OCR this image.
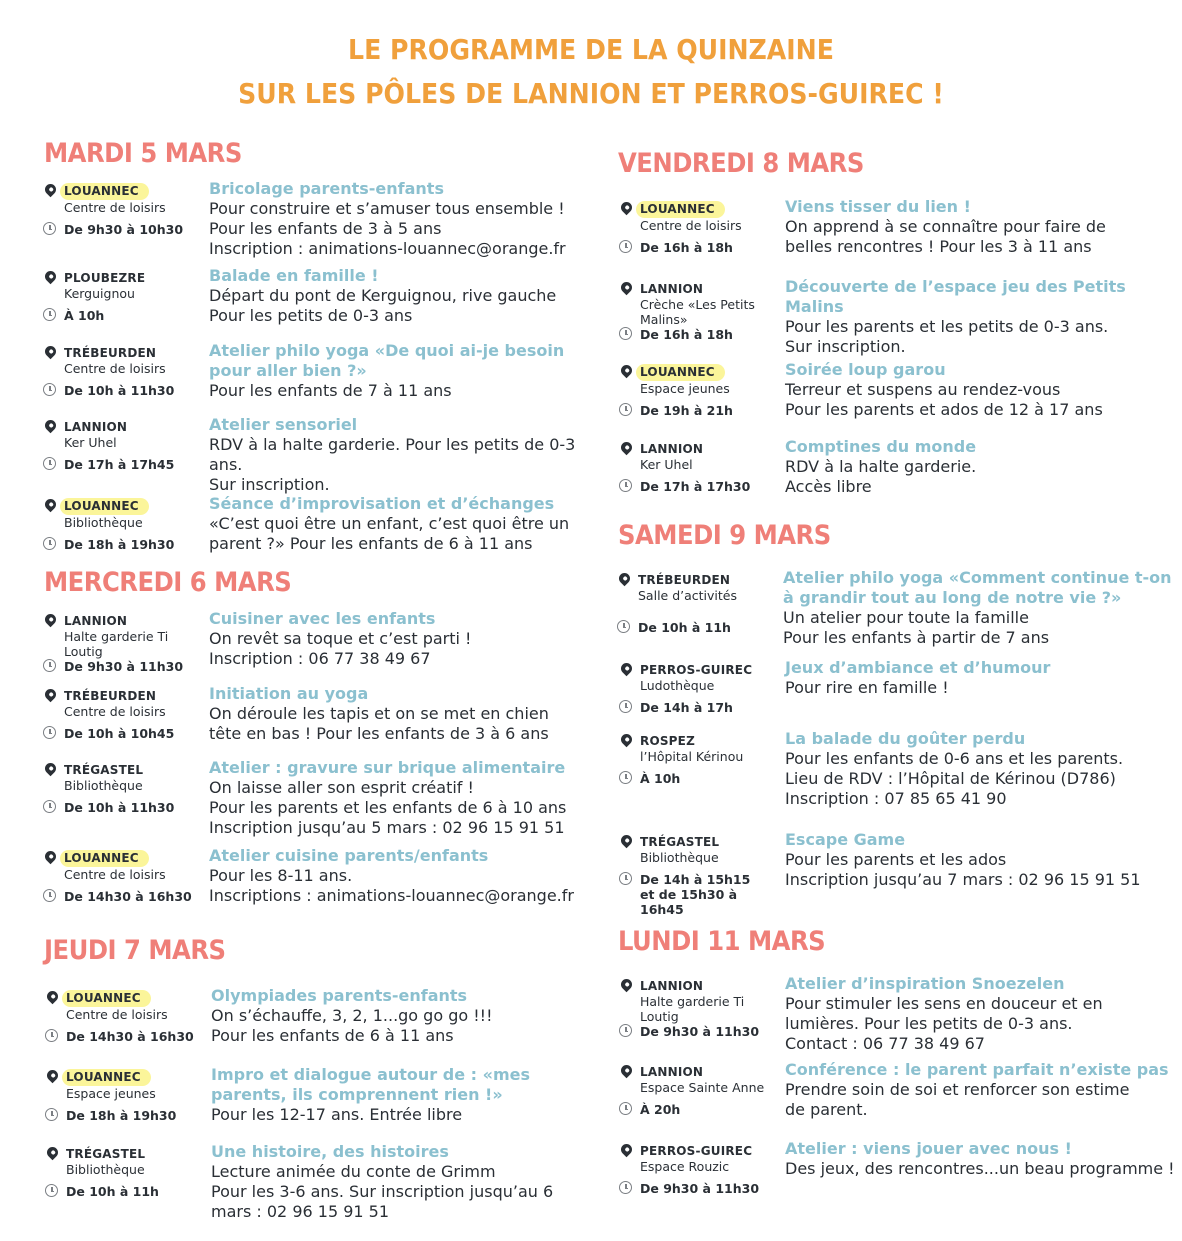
LE PROGRAMME DE LA QUINZAINE
SUR LES PÔLES DE LANNION ET PERROS-GUIREC !
MARDI 5 MARS
LOUANNEC
Centre de loisirs
De 9h30 à 10h30
Bricolage parents-enfants
Pour construire et s’amuser tous ensemble !
Pour les enfants de 3 à 5 ans
Inscription : animations-louannec@orange.fr
PLOUBEZRE
Kerguignou
À 10h
Balade en famille !
Départ du pont de Kerguignou, rive gauche
Pour les petits de 0-3 ans
TRÉBEURDEN
Centre de loisirs
De 10h à 11h30
Atelier philo yoga «De quoi ai-je besoin pour aller bien ?»
Pour les enfants de 7 à 11 ans
LANNION
Ker Uhel
De 17h à 17h45
Atelier sensoriel
RDV à la halte garderie. Pour les petits de 0-3 ans.
Sur inscription.
LOUANNEC
Bibliothèque
De 18h à 19h30
Séance d’improvisation et d’échanges
«C’est quoi être un enfant, c’est quoi être un
parent ?» Pour les enfants de 6 à 11 ans
MERCREDI 6 MARS
LANNION
Halte garderie Ti Loutig
De 9h30 à 11h30
Cuisiner avec les enfants
On revêt sa toque et c’est parti !
Inscription : 06 77 38 49 67
TRÉBEURDEN
Centre de loisirs
De 10h à 10h45
Initiation au yoga
On déroule les tapis et on se met en chien
tête en bas ! Pour les enfants de 3 à 6 ans
TRÉGASTEL
Bibliothèque
De 10h à 11h30
Atelier : gravure sur brique alimentaire
On laisse aller son esprit créatif !
Pour les parents et les enfants de 6 à 10 ans
Inscription jusqu’au 5 mars : 02 96 15 91 51
LOUANNEC
Centre de loisirs
De 14h30 à 16h30
Atelier cuisine parents/enfants
Pour les 8-11 ans.
Inscriptions : animations-louannec@orange.fr
JEUDI 7 MARS
LOUANNEC
Centre de loisirs
De 14h30 à 16h30
Olympiades parents-enfants
On s’échauffe, 3, 2, 1...go go go !!!
Pour les enfants de 6 à 11 ans
LOUANNEC
Espace jeunes
De 18h à 19h30
Impro et dialogue autour de : «mes parents, ils comprennent rien !»
Pour les 12-17 ans. Entrée libre
TRÉGASTEL
Bibliothèque
De 10h à 11h
Une histoire, des histoires
Lecture animée du conte de Grimm
Pour les 3-6 ans. Sur inscription jusqu’au 6
mars : 02 96 15 91 51
VENDREDI 8 MARS
LOUANNEC
Centre de loisirs
De 16h à 18h
Viens tisser du lien !
On apprend à se connaître pour faire de
belles rencontres ! Pour les 3 à 11 ans
LANNION
Crèche «Les Petits Malins»
De 16h à 18h
Découverte de l’espace jeu des Petits Malins
Pour les parents et les petits de 0-3 ans.
Sur inscription.
LOUANNEC
Espace jeunes
De 19h à 21h
Soirée loup garou
Terreur et suspens au rendez-vous
Pour les parents et ados de 12 à 17 ans
LANNION
Ker Uhel
De 17h à 17h30
Comptines du monde
RDV à la halte garderie.
Accès libre
SAMEDI 9 MARS
TRÉBEURDEN
Salle d’activités
De 10h à 11h
Atelier philo yoga «Comment continue t-on à grandir tout au long de notre vie ?»
Un atelier pour toute la famille
Pour les enfants à partir de 7 ans
PERROS-GUIREC
Ludothèque
De 14h à 17h
Jeux d’ambiance et d’humour
Pour rire en famille !
ROSPEZ
l’Hôpital Kérinou
À 10h
La balade du goûter perdu
Pour les enfants de 0-6 ans et les parents.
Lieu de RDV : l’Hôpital de Kérinou (D786)
Inscription : 07 85 65 41 90
TRÉGASTEL
Bibliothèque
De 14h à 15h15
et de 15h30 à 16h45
Escape Game
Pour les parents et les ados
Inscription jusqu’au 7 mars : 02 96 15 91 51
LUNDI 11 MARS
LANNION
Halte garderie Ti Loutig
De 9h30 à 11h30
Atelier d’inspiration Snoezelen
Pour stimuler les sens en douceur et en
lumières. Pour les petits de 0-3 ans.
Contact : 06 77 38 49 67
LANNION
Espace Sainte Anne
À 20h
Conférence : le parent parfait n’existe pas
Prendre soin de soi et renforcer son estime
de parent.
PERROS-GUIREC
Espace Rouzic
De 9h30 à 11h30
Atelier : viens jouer avec nous !
Des jeux, des rencontres...un beau programme !
